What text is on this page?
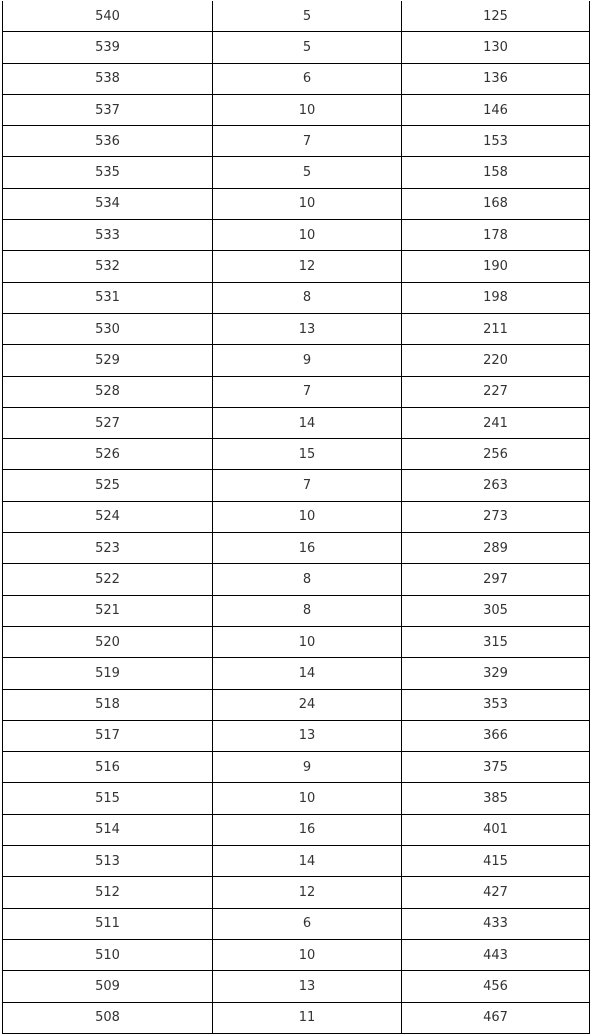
540	5	125
539	5	130
538	6	136
537	10	146
536	7	153
535	5	158
534	10	168
533	10	178
532	12	190
531	8	198
530	13	211
529	9	220
528	7	227
527	14	241
526	15	256
525	7	263
524	10	273
523	16	289
522	8	297
521	8	305
520	10	315
519	14	329
518	24	353
517	13	366
516	9	375
515	10	385
514	16	401
513	14	415
512	12	427
511	6	433
510	10	443
509	13	456
508	11	467
